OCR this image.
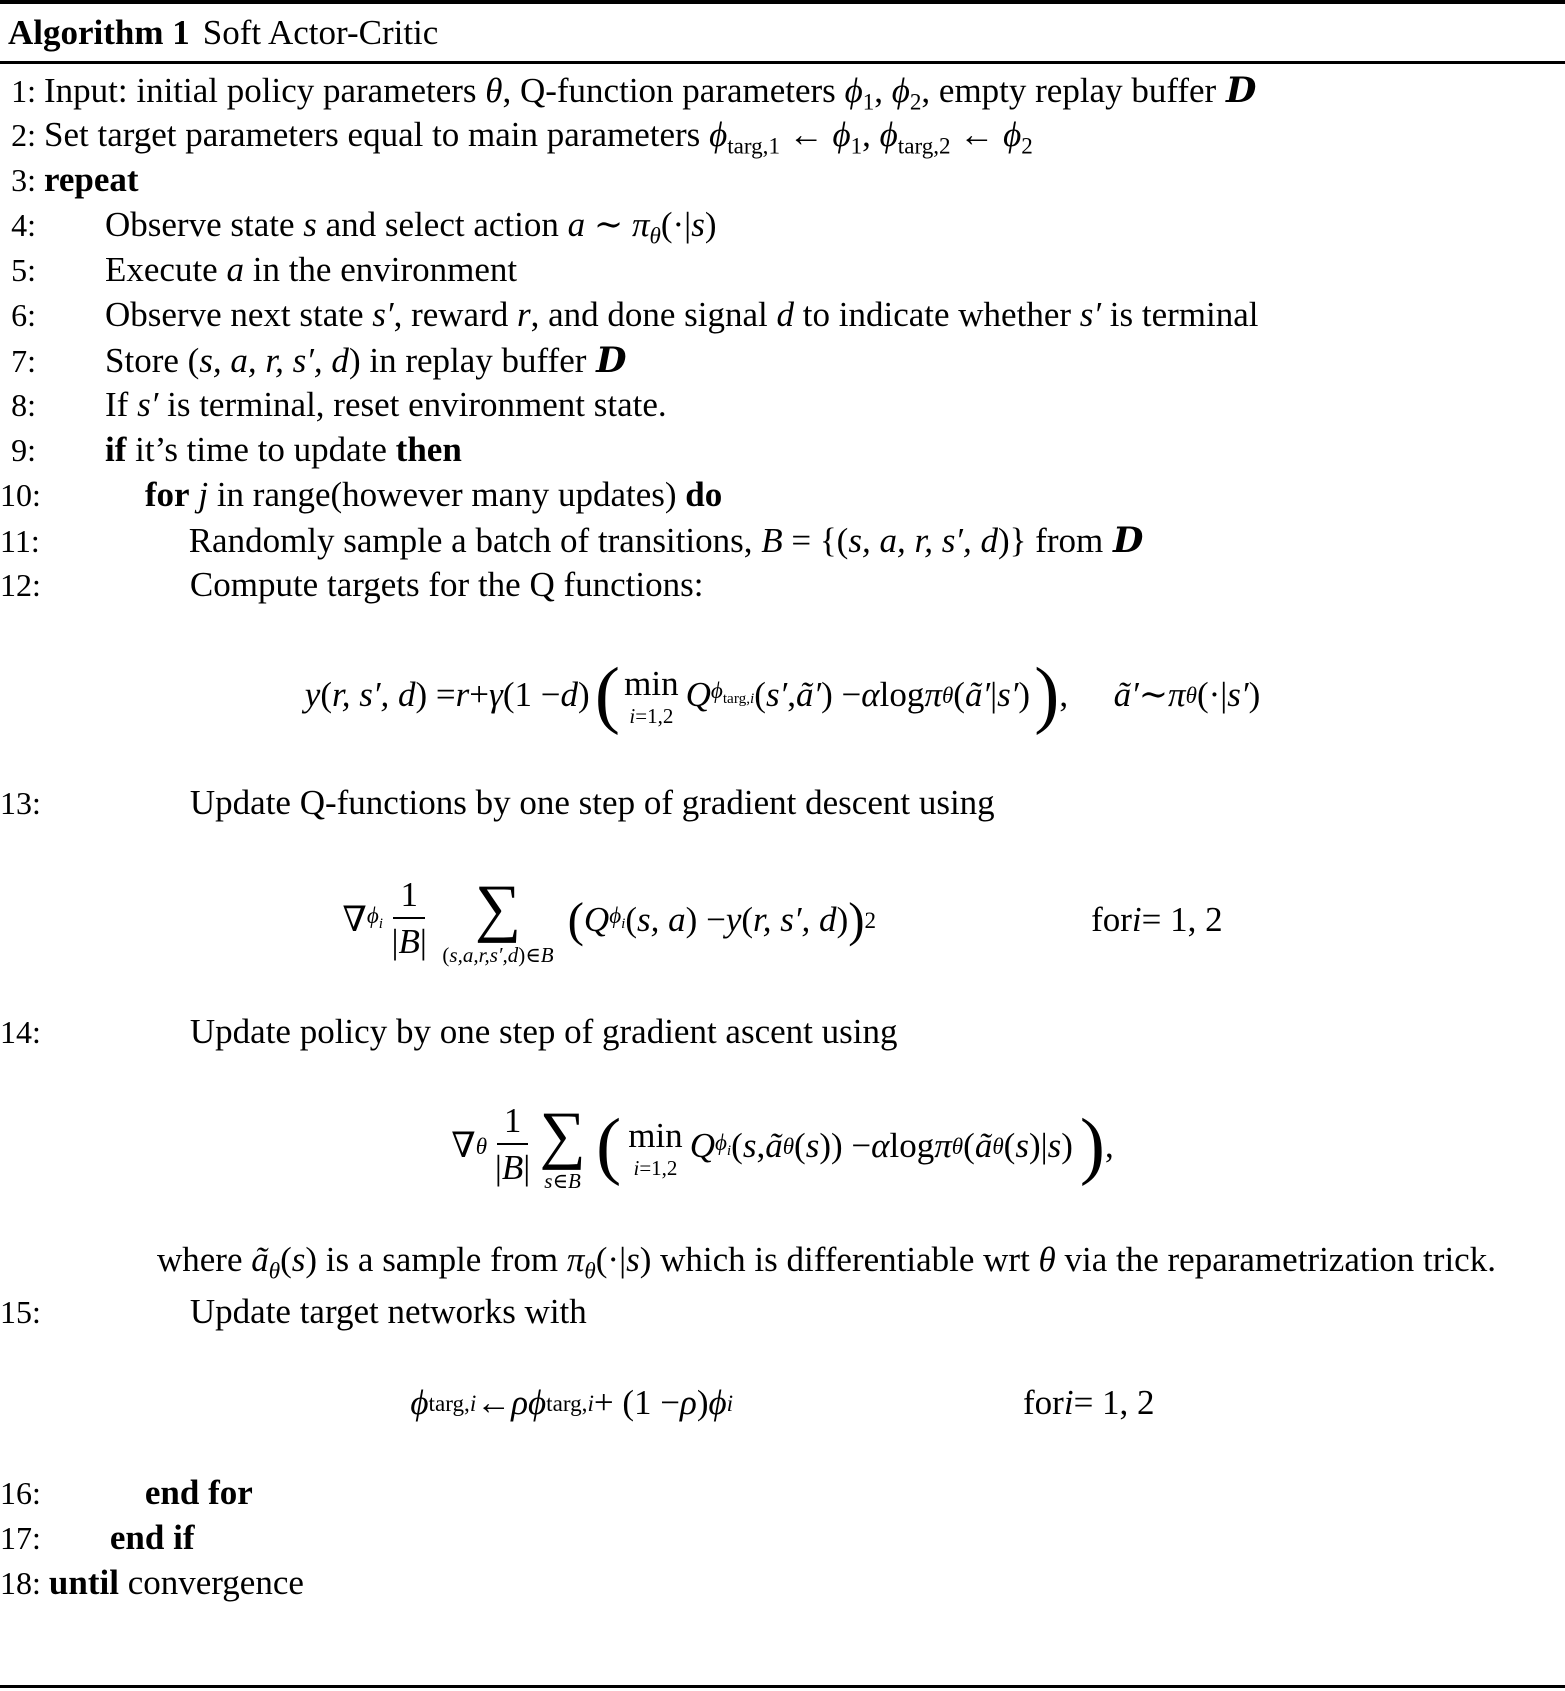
Algorithm 1 Soft Actor-Critic
1: Input: initial policy parameters θ, Q-function parameters $\phi_1$, $\phi_2$, empty replay buffer D
2: Set target parameters equal to main parameters $\phi_{targ,1}$ ← $\phi_1$, $\phi_{targ,2}$ ← $\phi_2$
3: repeat
4:	Observe state s and select action a ∼ $\pi_\theta(\cdot|s)$
5:	Execute a in the environment
6:	Observe next state s′, reward r, and done signal d to indicate whether s′ is terminal
7:	Store (s, a, r, s′, d) in replay buffer D
8:	If s′ is terminal, reset environment state.
9:	if it’s time to update then
10:	for j in range(however many updates) do
11:	Randomly sample a batch of transitions, B = {(s, a, r, s′, d)} from D
12:	Compute targets for the Q functions:
y ( r, s′, d ) = r + γ (1 − d ) ( min
i=1,2
Q $\phi_{targ,i}$ ( s′ , ã′ ) − α log π θ ( ã′ | s′ ) ) , ã′ ∼ π θ (·| s′ )
13:	Update Q-functions by one step of gradient descent using
∇ $\phi_i \frac{1}{|B|}$ ∑
(s,a,r,s′,d)∈B
( Q $\phi_i$ ( s, a ) − y ( r, s′, d ) ) 2	for i = 1, 2
14:	Update policy by one step of gradient ascent using
∇ θ $\frac{1}{|B|}$ ∑
s∈B ( min
i=1,2
Q $\phi_i$ ( s , ã θ ( s )) − α log π θ ( ã θ ( s )| s ) ) ,
where $ã_\theta(s)$ is a sample from $\pi_\theta(\cdot|s)$ which is differentiable wrt θ via the reparametrization trick.
15:	Update target networks with
ϕ targ,i ← ρ ϕ targ,i + (1 − ρ ) ϕ i	for i = 1, 2
16:	end for
17:	end if
18: until convergence
